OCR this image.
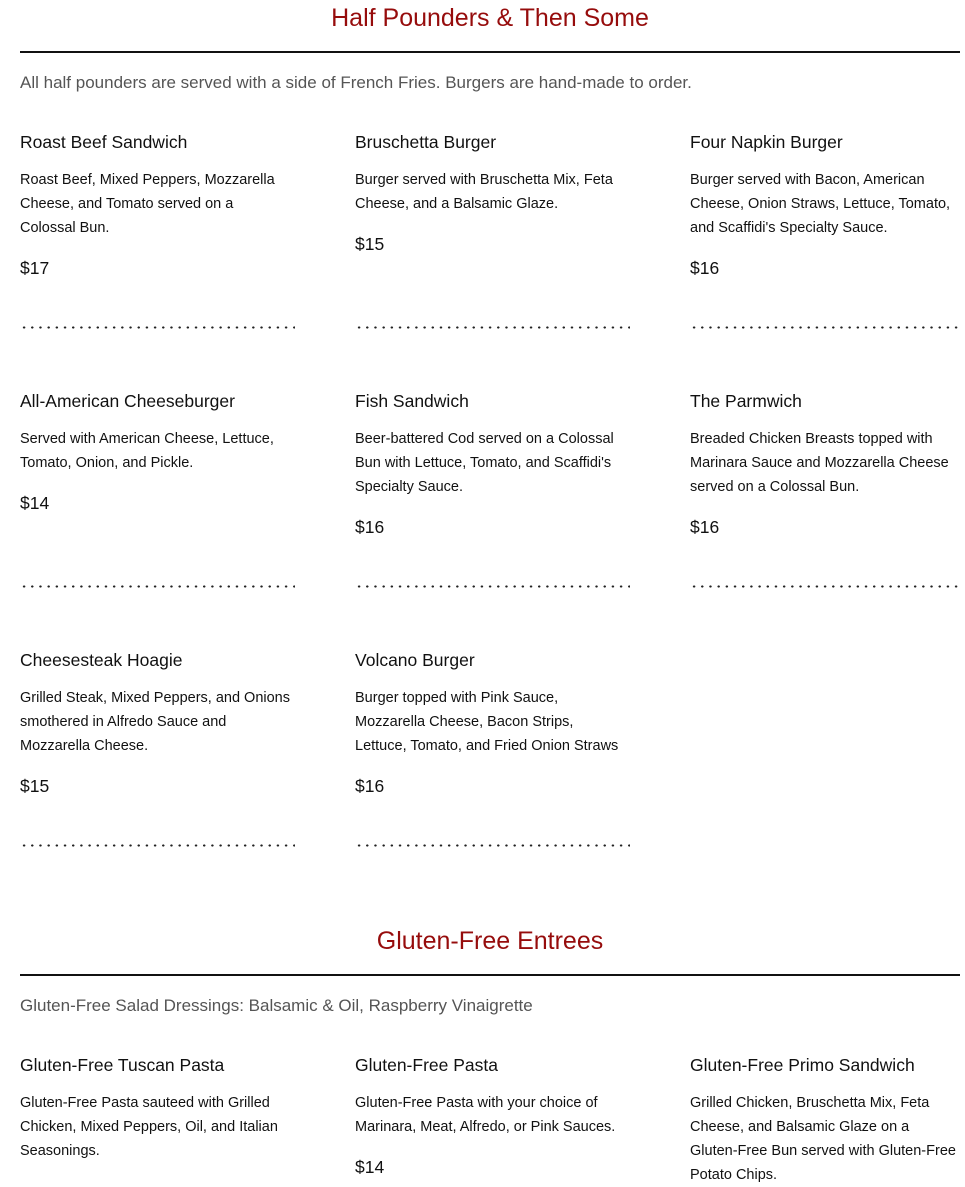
Half Pounders & Then Some
All half pounders are served with a side of French Fries. Burgers are hand-made to order.
Roast Beef Sandwich
Roast Beef, Mixed Peppers, Mozzarella Cheese, and Tomato served on a Colossal Bun.
$17
Bruschetta Burger
Burger served with Bruschetta Mix, Feta Cheese, and a Balsamic Glaze.
$15
Four Napkin Burger
Burger served with Bacon, American Cheese, Onion Straws, Lettuce, Tomato, and Scaffidi's Specialty Sauce.
$16
All-American Cheeseburger
Served with American Cheese, Lettuce, Tomato, Onion, and Pickle.
$14
Fish Sandwich
Beer-battered Cod served on a Colossal Bun with Lettuce, Tomato, and Scaffidi's Specialty Sauce.
$16
The Parmwich
Breaded Chicken Breasts topped with Marinara Sauce and Mozzarella Cheese served on a Colossal Bun.
$16
Cheesesteak Hoagie
Grilled Steak, Mixed Peppers, and Onions smothered in Alfredo Sauce and Mozzarella Cheese.
$15
Volcano Burger
Burger topped with Pink Sauce, Mozzarella Cheese, Bacon Strips, Lettuce, Tomato, and Fried Onion Straws
$16
Gluten-Free Entrees
Gluten-Free Salad Dressings: Balsamic & Oil, Raspberry Vinaigrette
Gluten-Free Tuscan Pasta
Gluten-Free Pasta sauteed with Grilled Chicken, Mixed Peppers, Oil, and Italian Seasonings.
Gluten-Free Pasta
Gluten-Free Pasta with your choice of Marinara, Meat, Alfredo, or Pink Sauces.
$14
Gluten-Free Primo Sandwich
Grilled Chicken, Bruschetta Mix, Feta Cheese, and Balsamic Glaze on a Gluten-Free Bun served with Gluten-Free Potato Chips.
